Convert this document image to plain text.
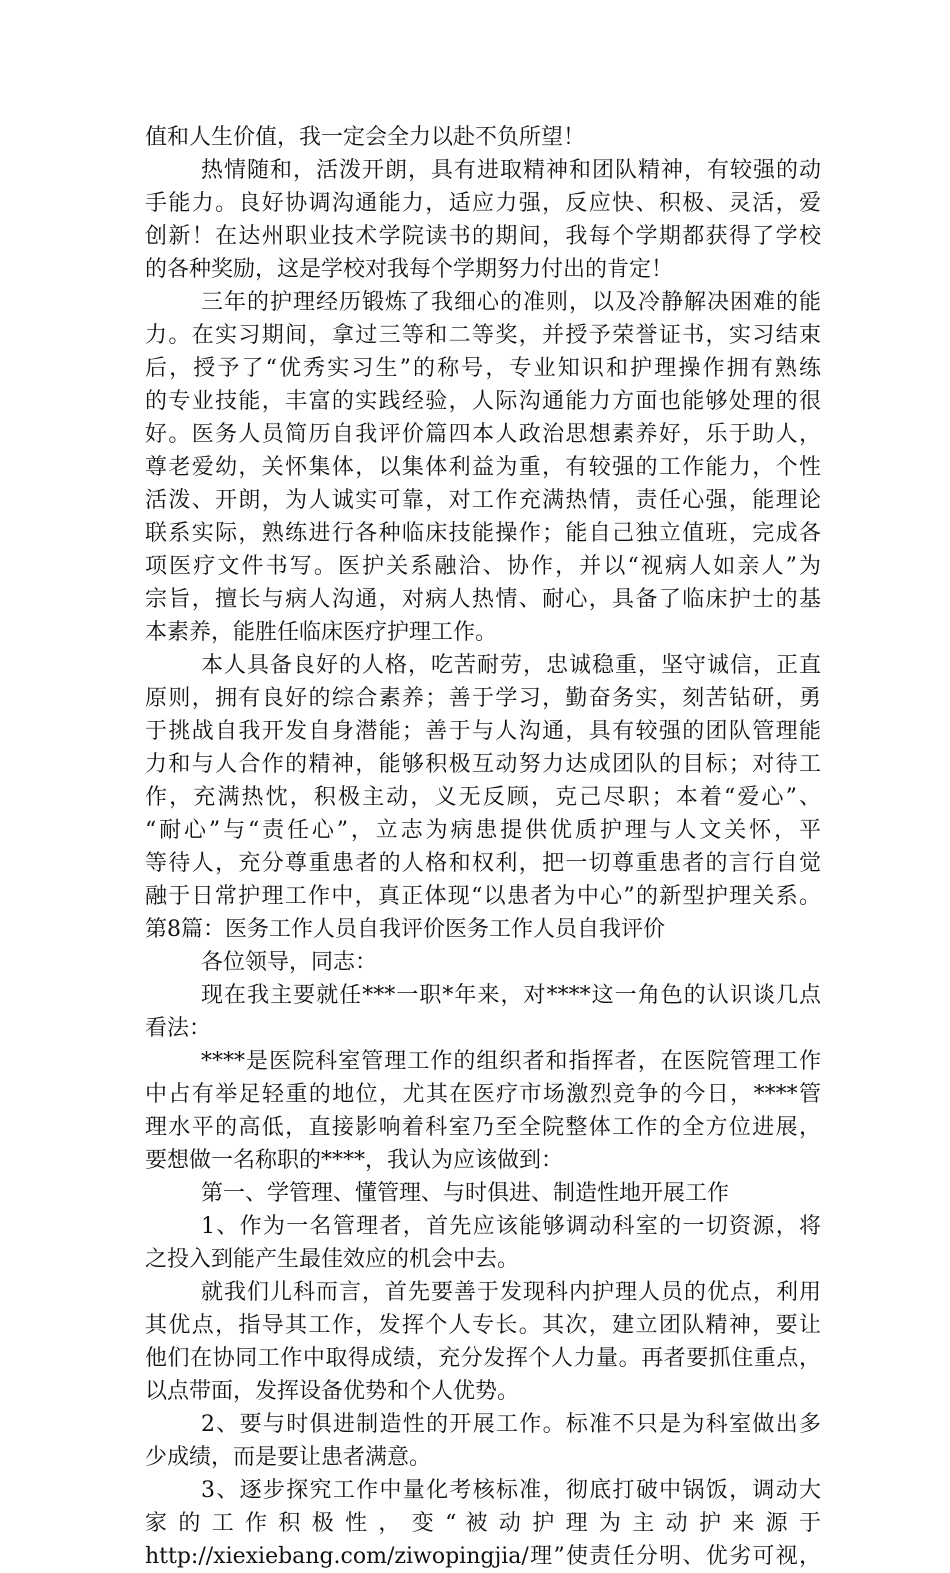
值和人生价值，我一定会全力以赴不负所望！
热情随和，活泼开朗，具有进取精神和团队精神，有较强的动
手能力。良好协调沟通能力，适应力强，反应快、积极、灵活，爱
创新！在达州职业技术学院读书的期间，我每个学期都获得了学校
的各种奖励，这是学校对我每个学期努力付出的肯定！
三年的护理经历锻炼了我细心的准则，以及冷静解决困难的能
力。在实习期间，拿过三等和二等奖，并授予荣誉证书，实习结束
后，授予了“优秀实习生”的称号，专业知识和护理操作拥有熟练
的专业技能，丰富的实践经验，人际沟通能力方面也能够处理的很
好。医务人员简历自我评价篇四本人政治思想素养好，乐于助人，
尊老爱幼，关怀集体，以集体利益为重，有较强的工作能力，个性
活泼、开朗，为人诚实可靠，对工作充满热情，责任心强，能理论
联系实际，熟练进行各种临床技能操作；能自己独立值班，完成各
项医疗文件书写。医护关系融洽、协作，并以“视病人如亲人”为
宗旨，擅长与病人沟通，对病人热情、耐心，具备了临床护士的基
本素养，能胜任临床医疗护理工作。
本人具备良好的人格，吃苦耐劳，忠诚稳重，坚守诚信，正直
原则，拥有良好的综合素养；善于学习，勤奋务实，刻苦钻研，勇
于挑战自我开发自身潜能；善于与人沟通，具有较强的团队管理能
力和与人合作的精神，能够积极互动努力达成团队的目标；对待工
作，充满热忱，积极主动，义无反顾，克己尽职；本着“爱心”、
“耐心”与“责任心”，立志为病患提供优质护理与人文关怀，平
等待人，充分尊重患者的人格和权利，把一切尊重患者的言行自觉
融于日常护理工作中，真正体现“以患者为中心”的新型护理关系。
第8篇：医务工作人员自我评价医务工作人员自我评价
各位领导，同志：
现在我主要就任***一职*年来，对****这一角色的认识谈几点
看法：
****是医院科室管理工作的组织者和指挥者，在医院管理工作
中占有举足轻重的地位，尤其在医疗市场激烈竞争的今日，****管
理水平的高低，直接影响着科室乃至全院整体工作的全方位进展，
要想做一名称职的****，我认为应该做到：
第一、学管理、懂管理、与时俱进、制造性地开展工作
1、作为一名管理者，首先应该能够调动科室的一切资源，将
之投入到能产生最佳效应的机会中去。
就我们儿科而言，首先要善于发现科内护理人员的优点，利用
其优点，指导其工作，发挥个人专长。其次，建立团队精神，要让
他们在协同工作中取得成绩，充分发挥个人力量。再者要抓住重点，
以点带面，发挥设备优势和个人优势。
2、要与时俱进制造性的开展工作。标准不只是为科室做出多
少成绩，而是要让患者满意。
3、逐步探究工作中量化考核标准，彻底打破中锅饭，调动大
家 的 工 作 积 极 性 ， 变 “ 被 动 护 理 为 主 动 护 来 源 于
http://xiexiebang.com/ziwopingjia/理”使责任分明、优劣可视，
